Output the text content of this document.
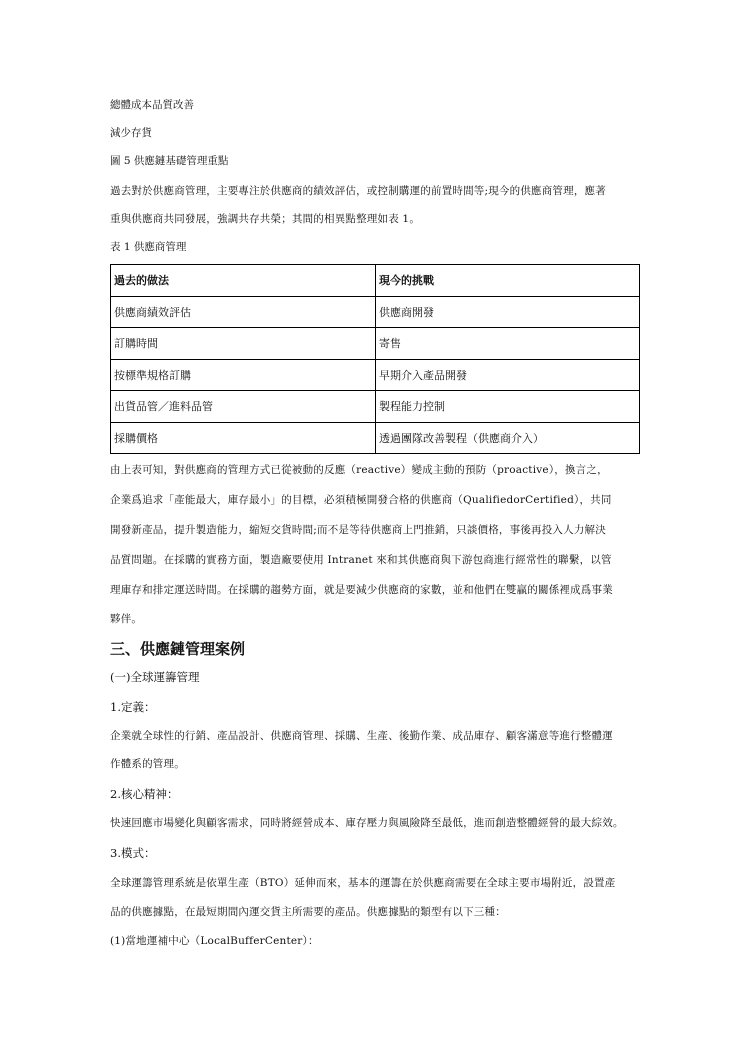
總體成本品質改善
減少存貨
圖 5 供應鏈基礎管理重點
過去對於供應商管理，主要專注於供應商的績效評估，或控制購運的前置時間等;現今的供應商管理，應著
重與供應商共同發展，強調共存共榮；其間的相異點整理如表 1。
表 1 供應商管理
過去的做法	現今的挑戰
供應商績效評估	供應商開發
訂購時間	寄售
按標準規格訂購	早期介入產品開發
出貨品管／進料品管	製程能力控制
採購價格	透過團隊改善製程（供應商介入）
由上表可知，對供應商的管理方式已從被動的反應（reactive）變成主動的預防（proactive），換言之，
企業爲追求「產能最大，庫存最小」的目標，必須積極開發合格的供應商（QualifiedorCertified），共同
開發新產品，提升製造能力，縮短交貨時間;而不是等待供應商上門推銷，只談價格，事後再投入人力解決
品質問題。在採購的實務方面，製造廠要使用 Intranet 來和其供應商與下游包商進行經常性的聯繫，以管
理庫存和排定運送時間。在採購的趨勢方面，就是要減少供應商的家數，並和他們在雙贏的關係裡成爲事業
夥伴。
三、供應鏈管理案例
(一)全球運籌管理
1.定義：
企業就全球性的行銷、產品設計、供應商管理、採購、生產、後勤作業、成品庫存、顧客滿意等進行整體運
作體系的管理。
2.核心精神：
快速回應市場變化與顧客需求，同時將經營成本、庫存壓力與風險降至最低，進而創造整體經營的最大綜效。
3.模式：
全球運籌管理系統是依單生產（BTO）延伸而來，基本的運籌在於供應商需要在全球主要市場附近，設置產
品的供應據點，在最短期間內運交貨主所需要的產品。供應據點的類型有以下三種：
(1)當地運補中心（LocalBufferCenter）：
